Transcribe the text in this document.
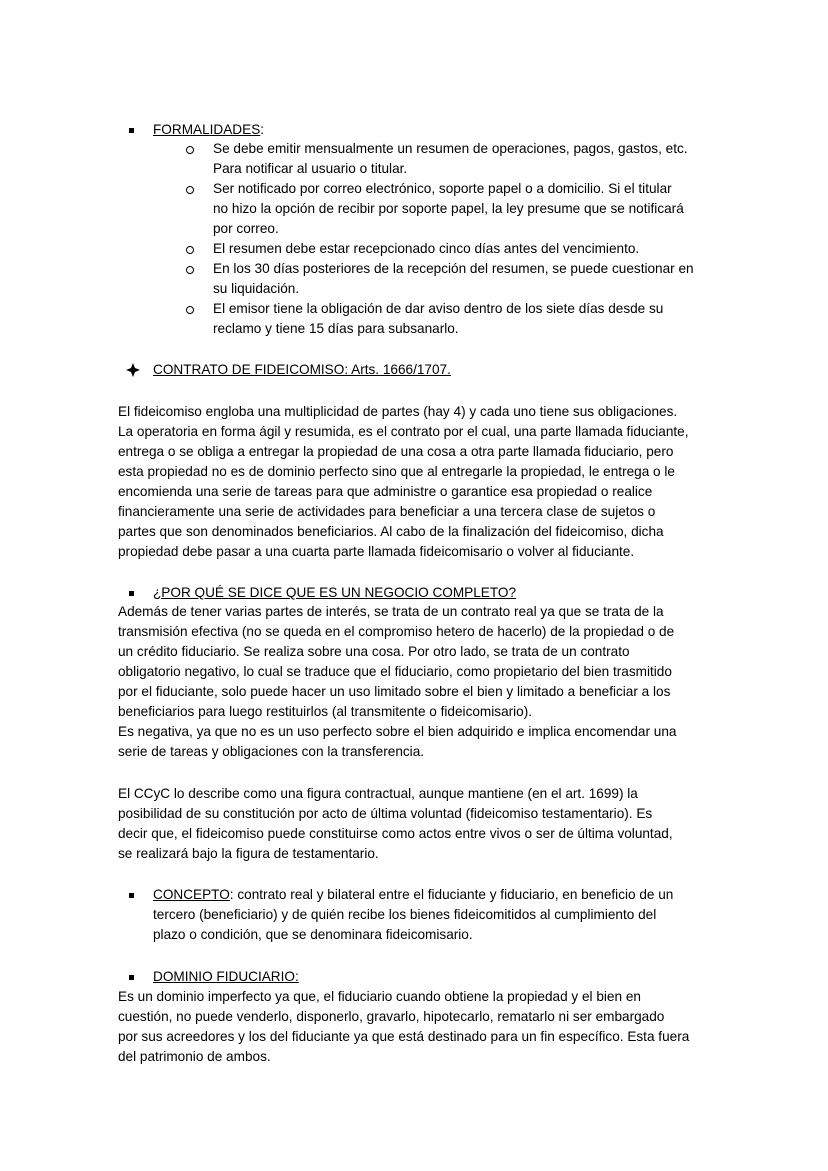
FORMALIDADES:
Se debe emitir mensualmente un resumen de operaciones, pagos, gastos, etc.
Para notificar al usuario o titular.
Ser notificado por correo electrónico, soporte papel o a domicilio. Si el titular
no hizo la opción de recibir por soporte papel, la ley presume que se notificará
por correo.
El resumen debe estar recepcionado cinco días antes del vencimiento.
En los 30 días posteriores de la recepción del resumen, se puede cuestionar en
su liquidación.
El emisor tiene la obligación de dar aviso dentro de los siete días desde su
reclamo y tiene 15 días para subsanarlo.
CONTRATO DE FIDEICOMISO: Arts. 1666/1707.
El fideicomiso engloba una multiplicidad de partes (hay 4) y cada uno tiene sus obligaciones.
La operatoria en forma ágil y resumida, es el contrato por el cual, una parte llamada fiduciante,
entrega o se obliga a entregar la propiedad de una cosa a otra parte llamada fiduciario, pero
esta propiedad no es de dominio perfecto sino que al entregarle la propiedad, le entrega o le
encomienda una serie de tareas para que administre o garantice esa propiedad o realice
financieramente una serie de actividades para beneficiar a una tercera clase de sujetos o
partes que son denominados beneficiarios. Al cabo de la finalización del fideicomiso, dicha
propiedad debe pasar a una cuarta parte llamada fideicomisario o volver al fiduciante.
¿POR QUÉ SE DICE QUE ES UN NEGOCIO COMPLETO?
Además de tener varias partes de interés, se trata de un contrato real ya que se trata de la
transmisión efectiva (no se queda en el compromiso hetero de hacerlo) de la propiedad o de
un crédito fiduciario. Se realiza sobre una cosa. Por otro lado, se trata de un contrato
obligatorio negativo, lo cual se traduce que el fiduciario, como propietario del bien trasmitido
por el fiduciante, solo puede hacer un uso limitado sobre el bien y limitado a beneficiar a los
beneficiarios para luego restituirlos (al transmitente o fideicomisario).
Es negativa, ya que no es un uso perfecto sobre el bien adquirido e implica encomendar una
serie de tareas y obligaciones con la transferencia.
El CCyC lo describe como una figura contractual, aunque mantiene (en el art. 1699) la
posibilidad de su constitución por acto de última voluntad (fideicomiso testamentario). Es
decir que, el fideicomiso puede constituirse como actos entre vivos o ser de última voluntad,
se realizará bajo la figura de testamentario.
CONCEPTO: contrato real y bilateral entre el fiduciante y fiduciario, en beneficio de un
tercero (beneficiario) y de quién recibe los bienes fideicomitidos al cumplimiento del
plazo o condición, que se denominara fideicomisario.
DOMINIO FIDUCIARIO:
Es un dominio imperfecto ya que, el fiduciario cuando obtiene la propiedad y el bien en
cuestión, no puede venderlo, disponerlo, gravarlo, hipotecarlo, rematarlo ni ser embargado
por sus acreedores y los del fiduciante ya que está destinado para un fin específico. Esta fuera
del patrimonio de ambos.
